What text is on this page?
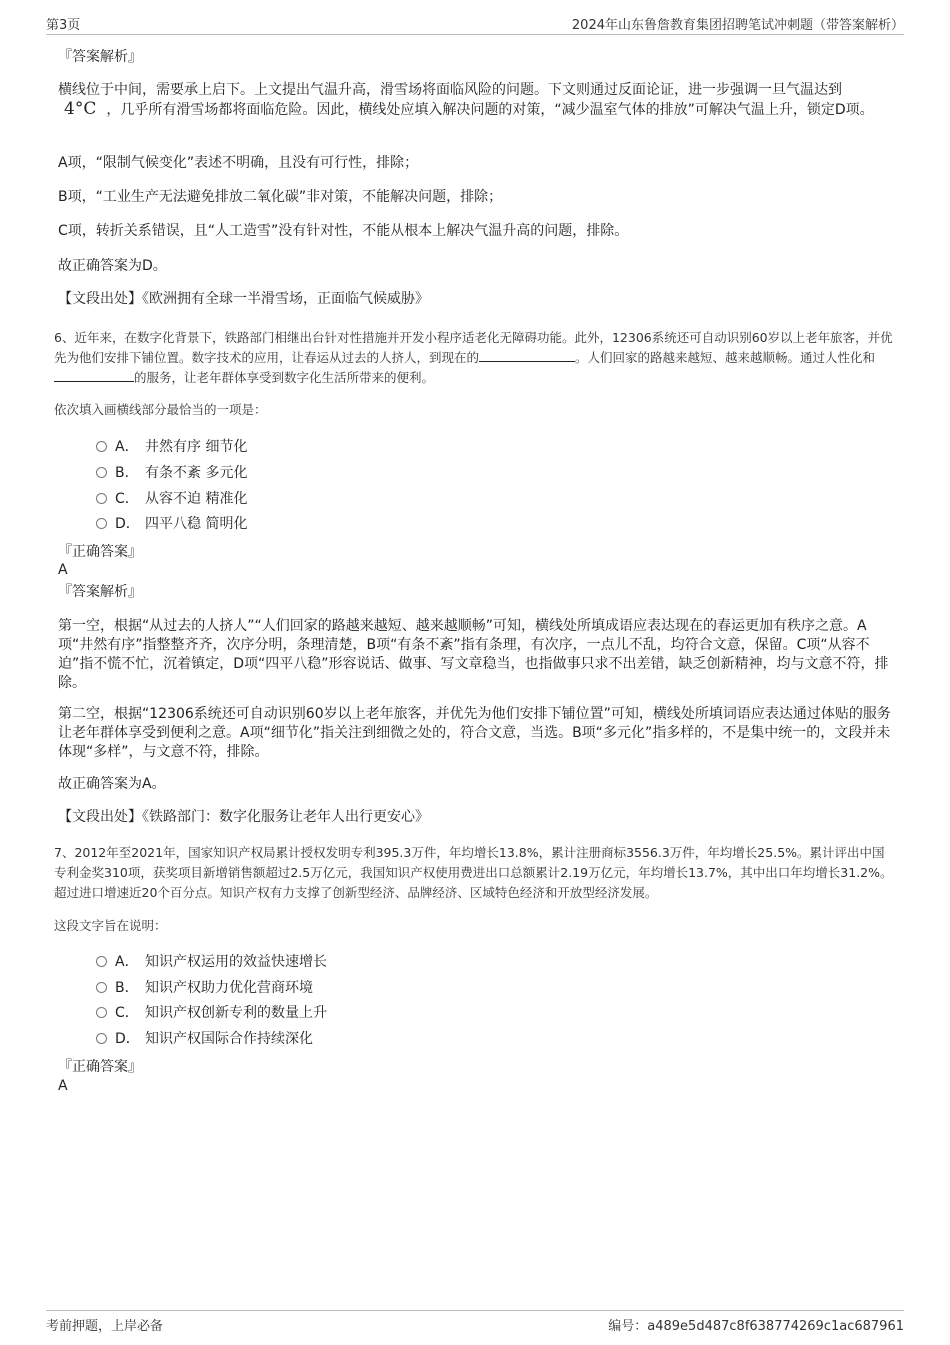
第3页	2024年山东鲁詹教育集团招聘笔试冲刺题（带答案解析）
『答案解析』

横线位于中间，需要承上启下。上文提出气温升高，滑雪场将面临风险的问题。下文则通过反面论证，进一步强调一旦气温达到4°C ，几乎所有滑雪场都将面临危险。因此，横线处应填入解决问题的对策，“减少温室气体的排放”可解决气温上升，锁定D项。

A项，“限制气候变化”表述不明确，且没有可行性，排除；
B项，“工业生产无法避免排放二氧化碳”非对策，不能解决问题，排除；
C项，转折关系错误，且“人工造雪”没有针对性，不能从根本上解决气温升高的问题，排除。
故正确答案为D。
【文段出处】《欧洲拥有全球一半滑雪场，正面临气候威胁》

6、近年来，在数字化背景下，铁路部门相继出台针对性措施并开发小程序适老化无障碍功能。此外，12306系统还可自动识别60岁以上老年旅客，并优先为他们安排下铺位置。数字技术的应用，让春运从过去的人挤人，到现在的	。人们回家的路越来越短、越来越顺畅。通过人性化和的服务，让老年群体享受到数字化生活所带来的便利。

依次填入画横线部分最恰当的一项是：
A． 井然有序 细节化
B． 有条不紊 多元化
C． 从容不迫 精准化
D． 四平八稳 简明化
『正确答案』
A
『答案解析』

第一空，根据“从过去的人挤人”“人们回家的路越来越短、越来越顺畅”可知，横线处所填成语应表达现在的春运更加有秩序之意。A项“井然有序”指整整齐齐，次序分明，条理清楚，B项“有条不紊”指有条理，有次序，一点儿不乱，均符合文意，保留。C项“从容不迫”指不慌不忙，沉着镇定，D项“四平八稳”形容说话、做事、写文章稳当，也指做事只求不出差错，缺乏创新精神，均与文意不符，排除。

第二空，根据“12306系统还可自动识别60岁以上老年旅客，并优先为他们安排下铺位置”可知，横线处所填词语应表达通过体贴的服务让老年群体享受到便利之意。A项“细节化”指关注到细微之处的，符合文意，当选。B项“多元化”指多样的，不是集中统一的，文段并未体现“多样”，与文意不符，排除。

故正确答案为A。
【文段出处】《铁路部门：数字化服务让老年人出行更安心》

7、2012年至2021年，国家知识产权局累计授权发明专利395.3万件，年均增长13.8%，累计注册商标3556.3万件，年均增长25.5%。累计评出中国专利金奖310项，获奖项目新增销售额超过2.5万亿元，我国知识产权使用费进出口总额累计2.19万亿元，年均增长13.7%，其中出口年均增长31.2%。超过进口增速近20个百分点。知识产权有力支撑了创新型经济、品牌经济、区域特色经济和开放型经济发展。

这段文字旨在说明：
A． 知识产权运用的效益快速增长
B． 知识产权助力优化营商环境
C． 知识产权创新专利的数量上升
D． 知识产权国际合作持续深化
『正确答案』
A
考前押题，上岸必备	编号：a489e5d487c8f638774269c1ac687961
